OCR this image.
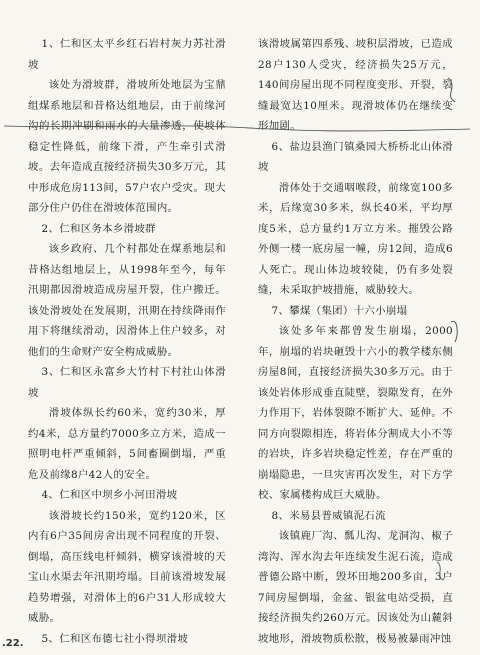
1、仁和区太平乡红石岩村灰力苏社滑坡

该处为滑坡群，滑坡所处地层为宝鼎组煤系地层和昔格达组地层，由于前缘河沟的长期冲刷和雨水的大量渗透，使坡体稳定性降低，前缘下滑，产生牵引式滑坡。去年造成直接经济损失30多万元，其中形成危房113间，57户农户受灾。现大部分住户仍住在滑坡体范围内。

2、仁和区务本乡滑坡群

该乡政府、几个村都处在煤系地层和昔格达组地层上，从1998年至今，每年汛期都因滑坡造成房屋开裂，住户搬迁。该处滑坡处在发展期，汛期在持续降雨作用下将继续滑动，因滑体上住户较多，对他们的生命财产安全构成威胁。

3、仁和区永富乡大竹村下村社山体滑坡

滑坡体纵长约60米，宽约30米，厚约4米，总方量约7000多立方米，造成一照明电杆严重倾斜，5间畜圈倒塌，严重危及前缘8户42人的安全。

4、仁和区中坝乡小河田滑坡

该滑坡长约150米，宽约120米，区内有6户35间房舍出现不同程度的开裂、倒塌，高压线电杆倾斜，横穿该滑坡的天宝山水渠去年汛期垮塌。目前该滑坡发展趋势增强，对滑体上的6户31人形成较大威胁。

5、仁和区布德七社小得坝滑坡

该滑坡属第四系残、坡积层滑坡，已造成28户130人受灾，经济损失25万元，140间房屋出现不同程度变形、开裂，裂缝最宽达10厘米。现滑坡体仍在继续变形加剧。

6、盐边县渔门镇桑园大桥桥北山体滑坡

滑体处于交通咽喉段，前缘宽100多米，后缘宽30多米，纵长40米，平均厚度5米，总方量约1万立方米。摧毁公路外侧一楼一底房屋一幢，房12间，造成6人死亡。现山体边坡较陡，仍有多处裂缝，未采取护坡措施，威胁较大。

7、攀煤（集团）十六小崩塌

该处多年来都曾发生崩塌，2000年，崩塌的岩块砸毁十六小的教学楼东侧房屋8间，直接经济损失30多万元。由于该处岩体形成垂直陡壁，裂隙发育，在外力作用下，岩体裂隙不断扩大、延伸。不同方向裂隙相连，将岩体分割成大小不等的岩块，许多岩块稳定性差，存在严重的崩塌隐患，一旦灾害再次发生，对下方学校、家属楼构成巨大威胁。

8、米易县普威镇泥石流

该镇鹿厂沟、瓢儿沟、龙洞沟、椒子湾沟、浑水沟去年连续发生泥石流，造成普德公路中断，毁坏田地200多亩，3户7间房屋倒塌，金盆、银盆电站受损，直接经济损失约260万元。因该处为山麓斜坡地形，滑坡物质松散，极易被暴雨冲蚀

.22.
